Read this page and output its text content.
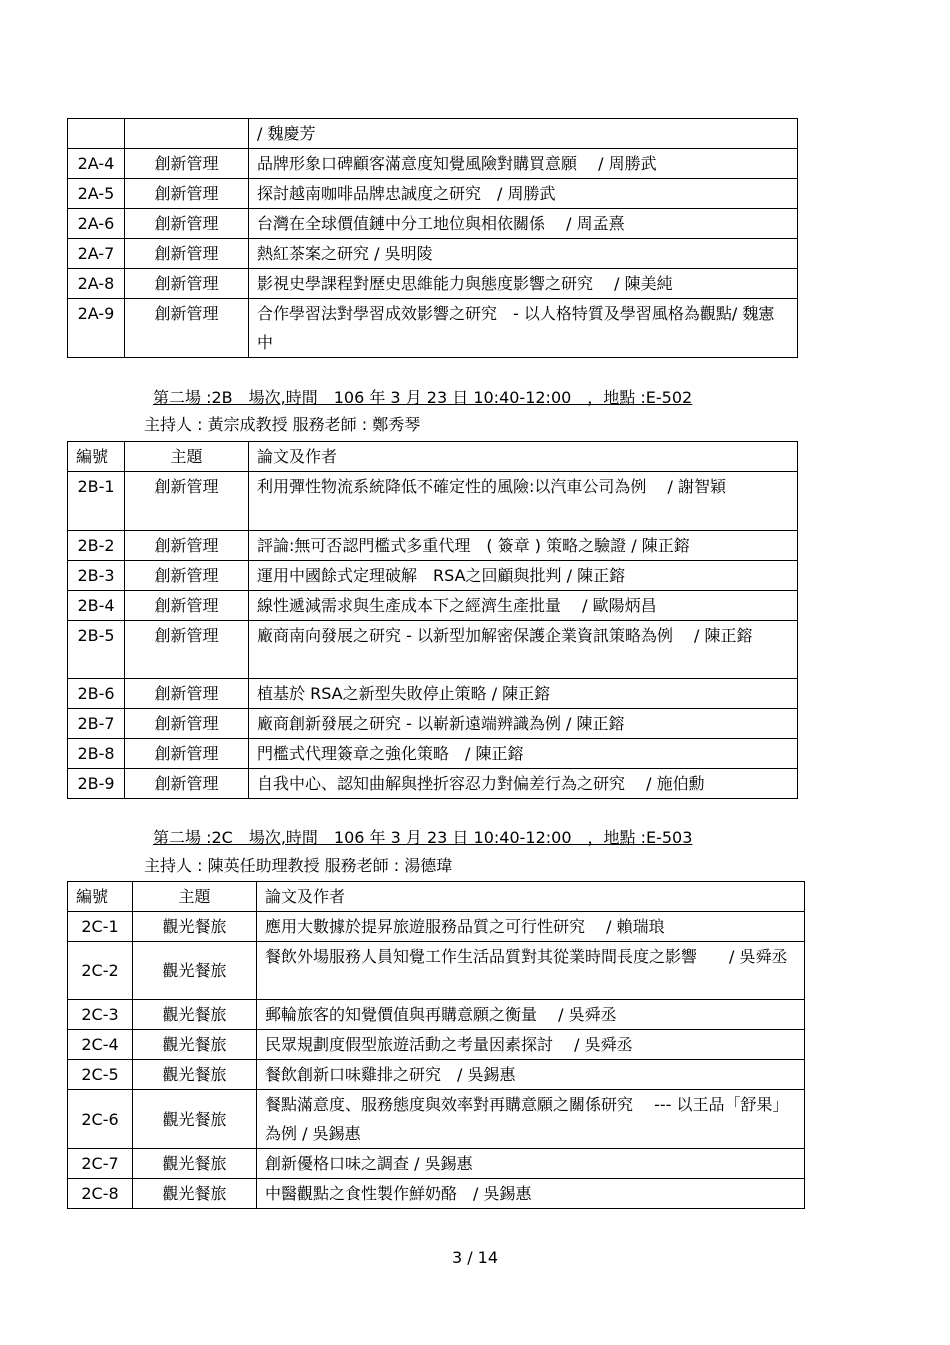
		/ 魏慶芳
2A-4	創新管理	品牌形象口碑顧客滿意度知覺風險對購買意願　 / 周勝武
2A-5	創新管理	探討越南咖啡品牌忠誠度之研究　/ 周勝武
2A-6	創新管理	台灣在全球價值鏈中分工地位與相依關係　 / 周孟熹
2A-7	創新管理	熱紅茶案之研究 / 吳明陵
2A-8	創新管理	影視史學課程對歷史思維能力與態度影響之研究　 / 陳美純
2A-9	創新管理	合作學習法對學習成效影響之研究　- 以人格特質及學習風格為觀點/ 魏憲中
第二場 :2B　場次,時間　106 年 3 月 23 日 10:40-12:00　，地點 :E-502
主持人 : 黃宗成教授 服務老師 : 鄭秀琴
編號	主題	論文及作者
2B-1	創新管理	利用彈性物流系統降低不確定性的風險:以汽車公司為例　 / 謝智穎
2B-2	創新管理	評論:無可否認門檻式多重代理　( 簽章 ) 策略之驗證 / 陳正鎔
2B-3	創新管理	運用中國餘式定理破解　RSA之回顧與批判 / 陳正鎔
2B-4	創新管理	線性遞減需求與生產成本下之經濟生產批量　 / 歐陽炳昌
2B-5	創新管理	廠商南向發展之研究 - 以新型加解密保護企業資訊策略為例　 / 陳正鎔
2B-6	創新管理	植基於 RSA之新型失敗停止策略 / 陳正鎔
2B-7	創新管理	廠商創新發展之研究 - 以嶄新遠端辨識為例 / 陳正鎔
2B-8	創新管理	門檻式代理簽章之強化策略　/ 陳正鎔
2B-9	創新管理	自我中心、認知曲解與挫折容忍力對偏差行為之研究　 / 施伯勳
第二場 :2C　場次,時間　106 年 3 月 23 日 10:40-12:00　，地點 :E-503
主持人 : 陳英任助理教授 服務老師 : 湯德瑋
編號	主題	論文及作者
2C-1	觀光餐旅	應用大數據於提昇旅遊服務品質之可行性研究　 / 賴瑞琅
2C-2	觀光餐旅	餐飲外場服務人員知覺工作生活品質對其從業時間長度之影響　　/ 吳舜丞
2C-3	觀光餐旅	郵輪旅客的知覺價值與再購意願之衡量　 / 吳舜丞
2C-4	觀光餐旅	民眾規劃度假型旅遊活動之考量因素探討　 / 吳舜丞
2C-5	觀光餐旅	餐飲創新口味雞排之研究　/ 吳錫惠
2C-6	觀光餐旅	餐點滿意度、服務態度與效率對再購意願之關係研究　 --- 以王品「舒果」為例 / 吳錫惠
2C-7	觀光餐旅	創新優格口味之調查 / 吳錫惠
2C-8	觀光餐旅	中醫觀點之食性製作鮮奶酪　/ 吳錫惠
3 / 14
